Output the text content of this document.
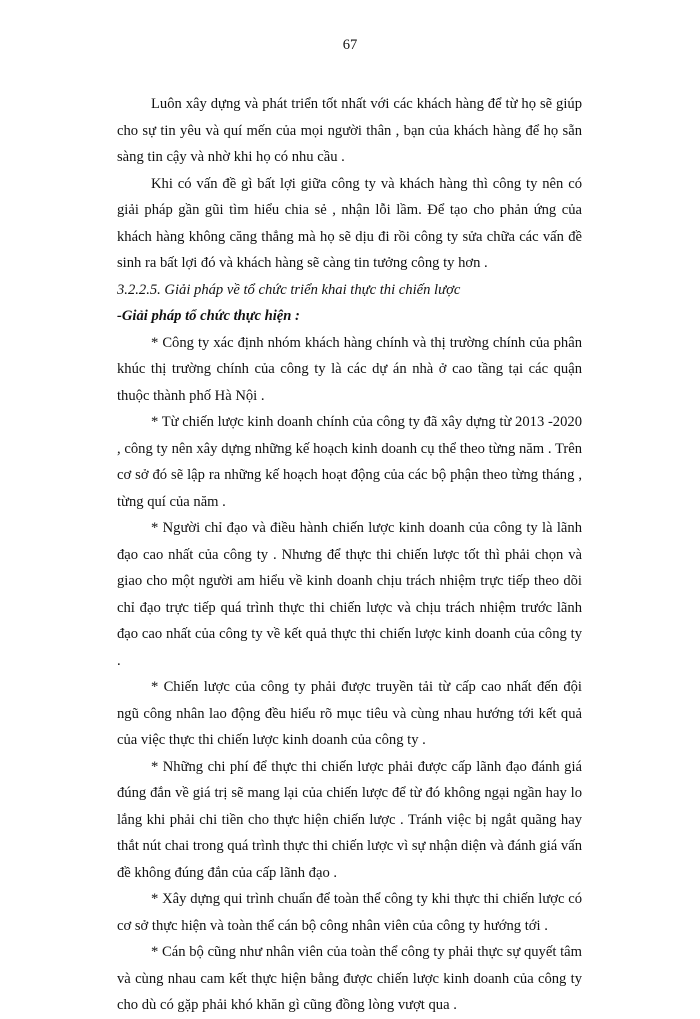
67

Luôn xây dựng và phát triển tốt nhất với các khách hàng để từ họ sẽ giúp cho sự tin yêu và quí mến của mọi người thân , bạn của khách hàng để họ sẵn sàng tin cậy và nhờ khi họ có nhu cầu .

Khi có vấn đề gì bất lợi giữa công ty và khách hàng thì công ty nên có giải pháp gần gũi tìm hiểu chia sẻ , nhận lỗi lầm. Để tạo cho phản ứng của khách hàng không căng thẳng mà họ sẽ dịu đi rồi công ty sửa chữa các vấn đề sinh ra bất lợi đó và khách hàng sẽ càng tin tưởng công ty hơn .

3.2.2.5. Giải pháp về tổ chức triển khai thực thi chiến lược
-Giải pháp tổ chức thực hiện :

* Công ty xác định nhóm khách hàng chính và thị trường chính của phân khúc thị trường chính của công ty là các dự án nhà ở cao tầng tại các quận thuộc thành phố Hà Nội .

* Từ chiến lược kinh doanh chính của công ty đã xây dựng từ 2013 -2020 , công ty nên xây dựng những kế hoạch kinh doanh cụ thể theo từng năm . Trên cơ sở đó sẽ lập ra những kế hoạch hoạt động của các bộ phận theo từng tháng , từng quí của năm .

* Người chỉ đạo và điều hành chiến lược kinh doanh của công ty là lãnh đạo cao nhất của công ty . Nhưng để thực thi chiến lược tốt thì phải chọn và giao cho một người am hiểu về kinh doanh chịu trách nhiệm trực tiếp theo dõi chỉ đạo trực tiếp quá trình thực thi chiến lược và chịu trách nhiệm trước lãnh đạo cao nhất của công ty về kết quả thực thi chiến lược kinh doanh của công ty .

* Chiến lược của công ty phải được truyền tải từ cấp cao nhất đến đội ngũ công nhân lao động đều hiểu rõ mục tiêu và cùng nhau hướng tới kết quả của việc thực thi chiến lược kinh doanh của công ty .

* Những chi phí để thực thi chiến lược phải được cấp lãnh đạo đánh giá đúng đắn về giá trị sẽ mang lại của chiến lược để từ đó không ngại ngần hay lo lắng khi phải chi tiền cho thực hiện chiến lược . Tránh việc bị ngắt quãng hay thắt nút chai trong quá trình thực thi chiến lược vì sự nhận diện và đánh giá vấn đề không đúng đắn của cấp lãnh đạo .

* Xây dựng qui trình chuẩn để toàn thể công ty khi thực thi chiến lược có cơ sở thực hiện và toàn thể cán bộ công nhân viên của công ty hướng tới .

* Cán bộ cũng như nhân viên của toàn thể công ty phải thực sự quyết tâm và cùng nhau cam kết thực hiện bằng được chiến lược kinh doanh của công ty cho dù có gặp phải khó khăn gì cũng đồng lòng vượt qua .
